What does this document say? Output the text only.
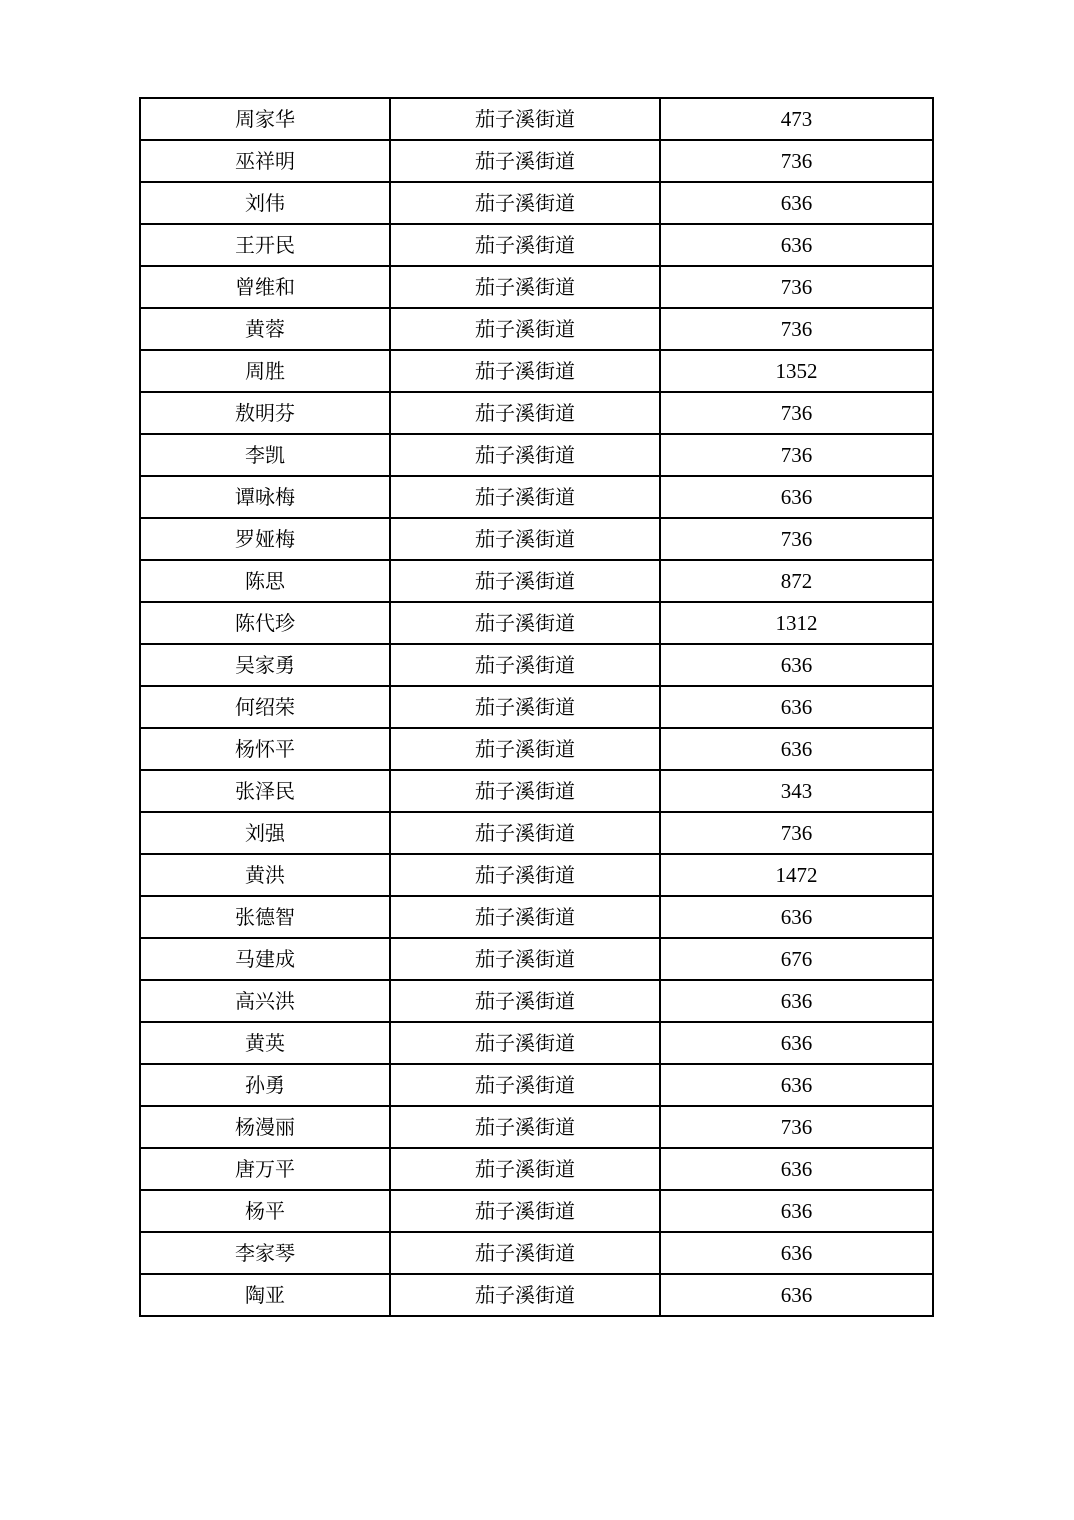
周家华	茄子溪街道	473
巫祥明	茄子溪街道	736
刘伟	茄子溪街道	636
王开民	茄子溪街道	636
曾维和	茄子溪街道	736
黄蓉	茄子溪街道	736
周胜	茄子溪街道	1352
敖明芬	茄子溪街道	736
李凯	茄子溪街道	736
谭咏梅	茄子溪街道	636
罗娅梅	茄子溪街道	736
陈思	茄子溪街道	872
陈代珍	茄子溪街道	1312
吴家勇	茄子溪街道	636
何绍荣	茄子溪街道	636
杨怀平	茄子溪街道	636
张泽民	茄子溪街道	343
刘强	茄子溪街道	736
黄洪	茄子溪街道	1472
张德智	茄子溪街道	636
马建成	茄子溪街道	676
高兴洪	茄子溪街道	636
黄英	茄子溪街道	636
孙勇	茄子溪街道	636
杨漫丽	茄子溪街道	736
唐万平	茄子溪街道	636
杨平	茄子溪街道	636
李家琴	茄子溪街道	636
陶亚	茄子溪街道	636
